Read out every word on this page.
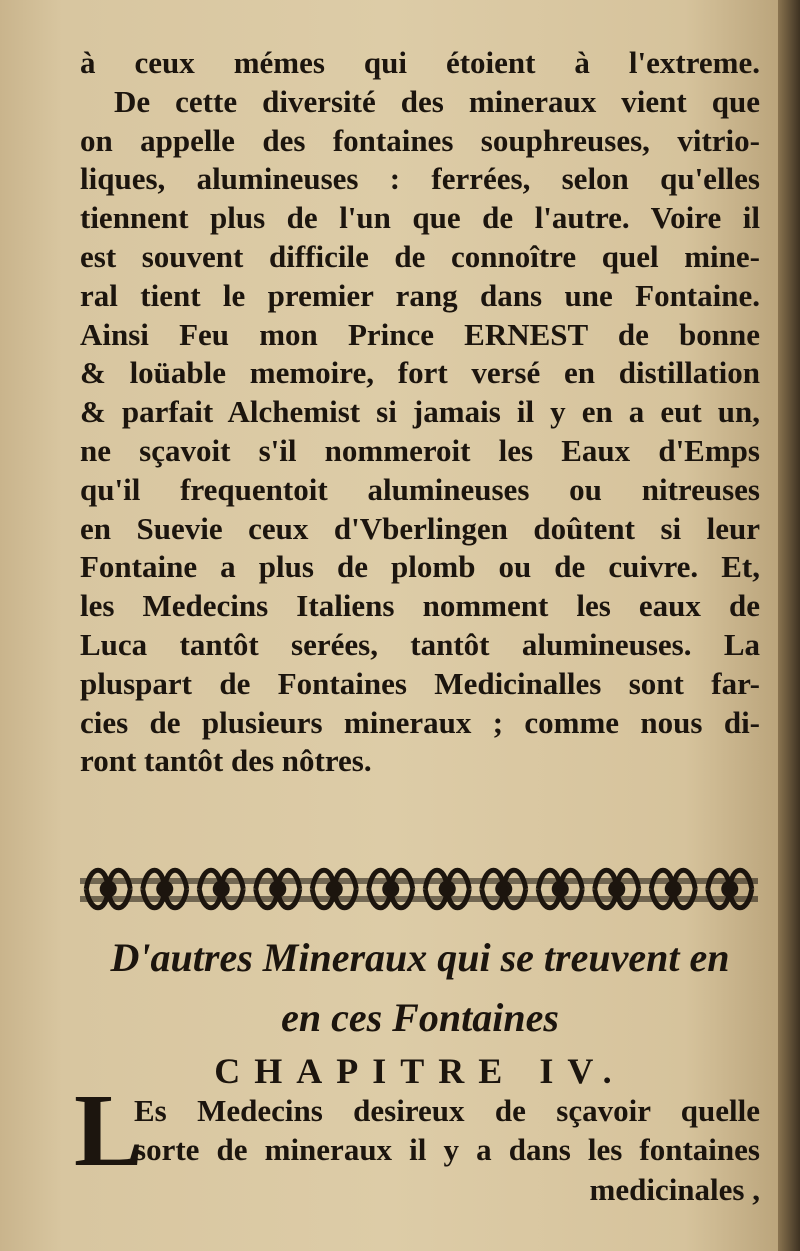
à ceux mémes qui étoient à l'extreme.
De cette diversité des mineraux vient que
on appelle des fontaines souphreuses, vitrio-
liques, alumineuses : ferrées, selon qu'elles
tiennent plus de l'un que de l'autre. Voire il
est souvent difficile de connoître quel mine-
ral tient le premier rang dans une Fontaine.
Ainsi Feu mon Prince ERNEST de bonne
& loüable memoire, fort versé en distillation
& parfait Alchemist si jamais il y en a eut un,
ne sçavoit s'il nommeroit les Eaux d'Emps
qu'il frequentoit alumineuses ou nitreuses
en Suevie ceux d'Vberlingen doûtent si leur
Fontaine a plus de plomb ou de cuivre. Et,
les Medecins Italiens nomment les eaux de
Luca tantôt serées, tantôt alumineuses. La
pluspart de Fontaines Medicinalles sont far-
cies de plusieurs mineraux ; comme nous di-
ront tantôt des nôtres.
D'autres Mineraux qui se treuvent en
en ces Fontaines
CHAPITRE IV.
L
Es Medecins desireux de sçavoir quelle
sorte de mineraux il y a dans les fontaines
medicinales ,
